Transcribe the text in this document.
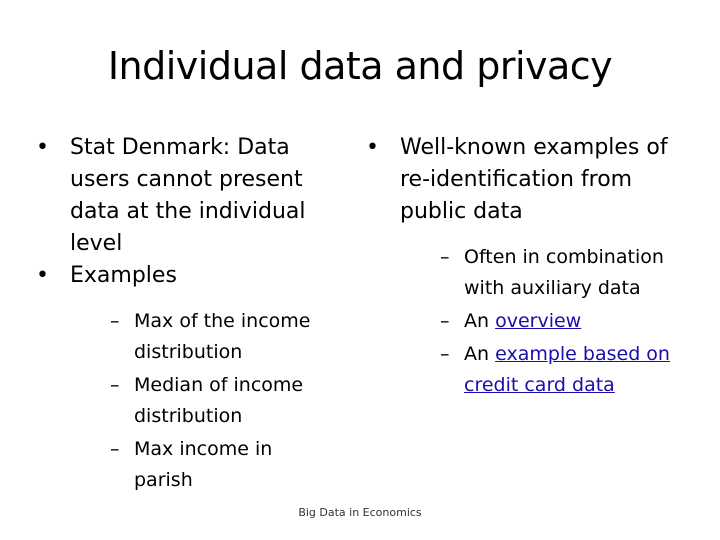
Individual data and privacy
• Stat Denmark: Data users cannot present data at the individual level
• Examples
– Max of the income distribution
– Median of income distribution
– Max income in parish
• Well-known examples of re-identification from public data
– Often in combination with auxiliary data
– An overview
– An example based on credit card data
Big Data in Economics
